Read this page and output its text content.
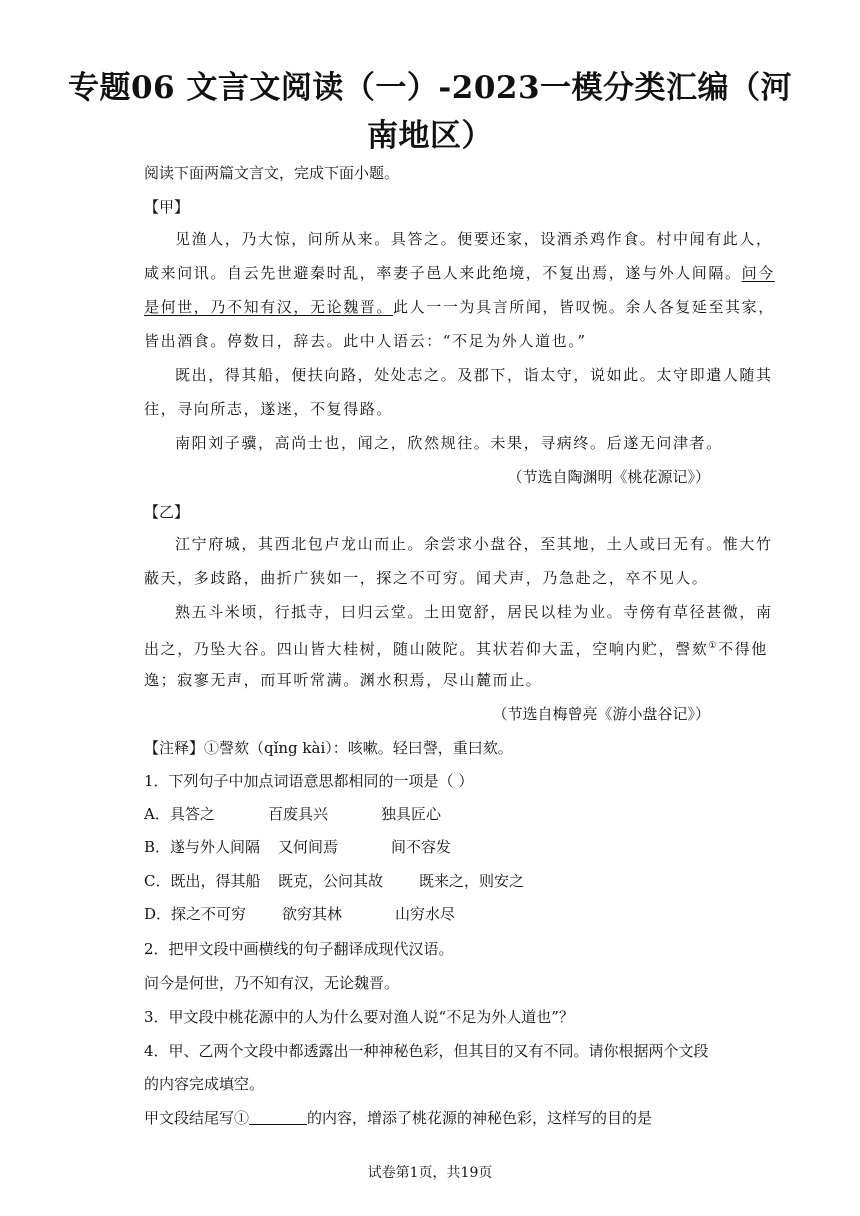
专题06 文言文阅读（一）-2023一模分类汇编（河
南地区）
阅读下面两篇文言文，完成下面小题。
【甲】
见渔人，乃大惊，问所从来。具答之。便要还家，设酒杀鸡作食。村中闻有此人，
咸来问讯。自云先世避秦时乱，率妻子邑人来此绝境，不复出焉，遂与外人间隔。问今
是何世，乃不知有汉，无论魏晋。此人一一为具言所闻，皆叹惋。余人各复延至其家，
皆出酒食。停数日，辞去。此中人语云：“不足为外人道也。”
既出，得其船，便扶向路，处处志之。及郡下，诣太守，说如此。太守即遣人随其
往，寻向所志，遂迷，不复得路。
南阳刘子骥，高尚士也，闻之，欣然规往。未果，寻病终。后遂无问津者。
（节选自陶渊明《桃花源记》）
【乙】
江宁府城，其西北包卢龙山而止。余尝求小盘谷，至其地，土人或曰无有。惟大竹
蔽天，多歧路，曲折广狭如一，探之不可穷。闻犬声，乃急赴之，卒不见人。
熟五斗米顷，行抵寺，曰归云堂。土田宽舒，居民以桂为业。寺傍有草径甚微，南
出之，乃坠大谷。四山皆大桂树，随山陂陀。其状若仰大盂，空响内贮，謦欬①不得他
逸；寂寥无声，而耳听常满。渊水积焉，尽山麓而止。
（节选自梅曾亮《游小盘谷记》）
【注释】①謦欬（qǐng kài）：咳嗽。轻曰謦，重曰欬。
1．下列句子中加点词语意思都相同的一项是（ ）
A．具答之	百废具兴	独具匠心
B．遂与外人间隔 又何间焉	间不容发
C．既出，得其船 既克，公问其故 既来之，则安之
D．探之不可穷 欲穷其林	山穷水尽
2．把甲文段中画横线的句子翻译成现代汉语。
问今是何世，乃不知有汉，无论魏晋。
3．甲文段中桃花源中的人为什么要对渔人说“不足为外人道也”？
4．甲、乙两个文段中都透露出一种神秘色彩，但其目的又有不同。请你根据两个文段
的内容完成填空。
甲文段结尾写①	的内容，增添了桃花源的神秘色彩，这样写的目的是
试卷第1页，共19页
